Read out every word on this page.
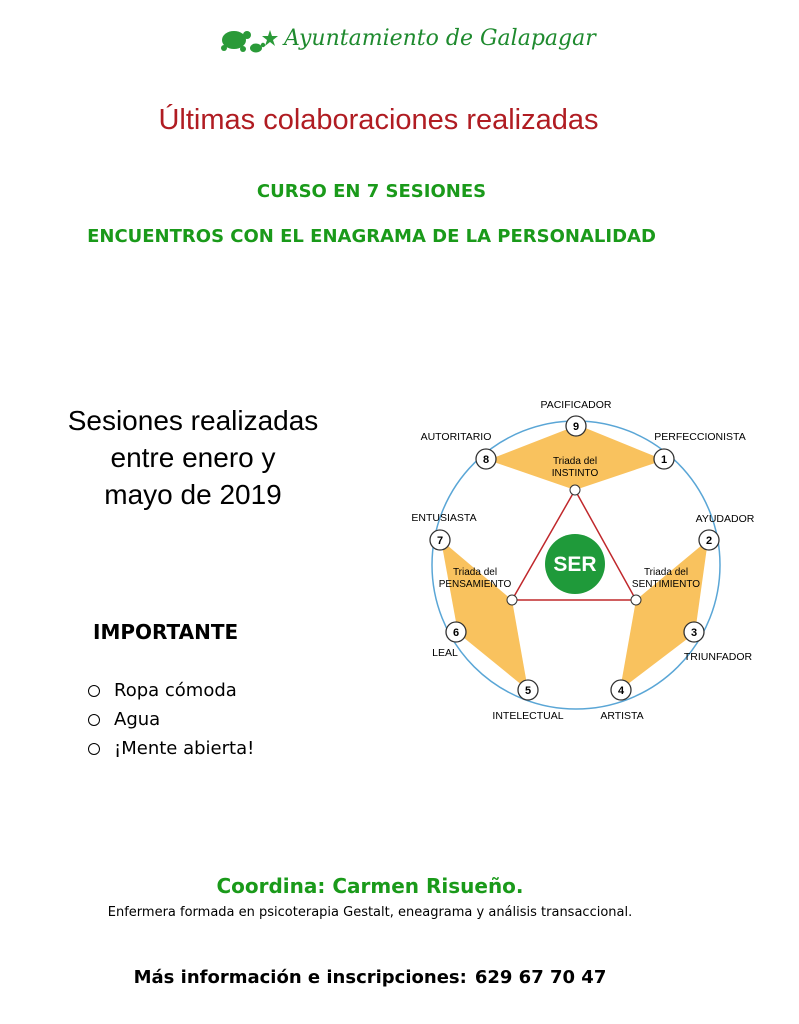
Ayuntamiento de Galapagar
Últimas colaboraciones realizadas
CURSO EN 7 SESIONES
ENCUENTROS CON EL ENAGRAMA DE LA PERSONALIDAD
Sesiones realizadas
entre enero y
mayo de 2019
IMPORTANTE
Ropa cómoda
Agua
¡Mente abierta!
SER
Triada del
INSTINTO
Triada del
SENTIMIENTO
Triada del
PENSAMIENTO
9
1
2
3
4
5
6
7
8
PACIFICADOR
PERFECCIONISTA
AYUDADOR
TRIUNFADOR
ARTISTA
INTELECTUAL
LEAL
ENTUSIASTA
AUTORITARIO
Coordina: Carmen Risueño.
Enfermera formada en psicoterapia Gestalt, eneagrama y análisis transaccional.
Más información e inscripciones: 629 67 70 47
